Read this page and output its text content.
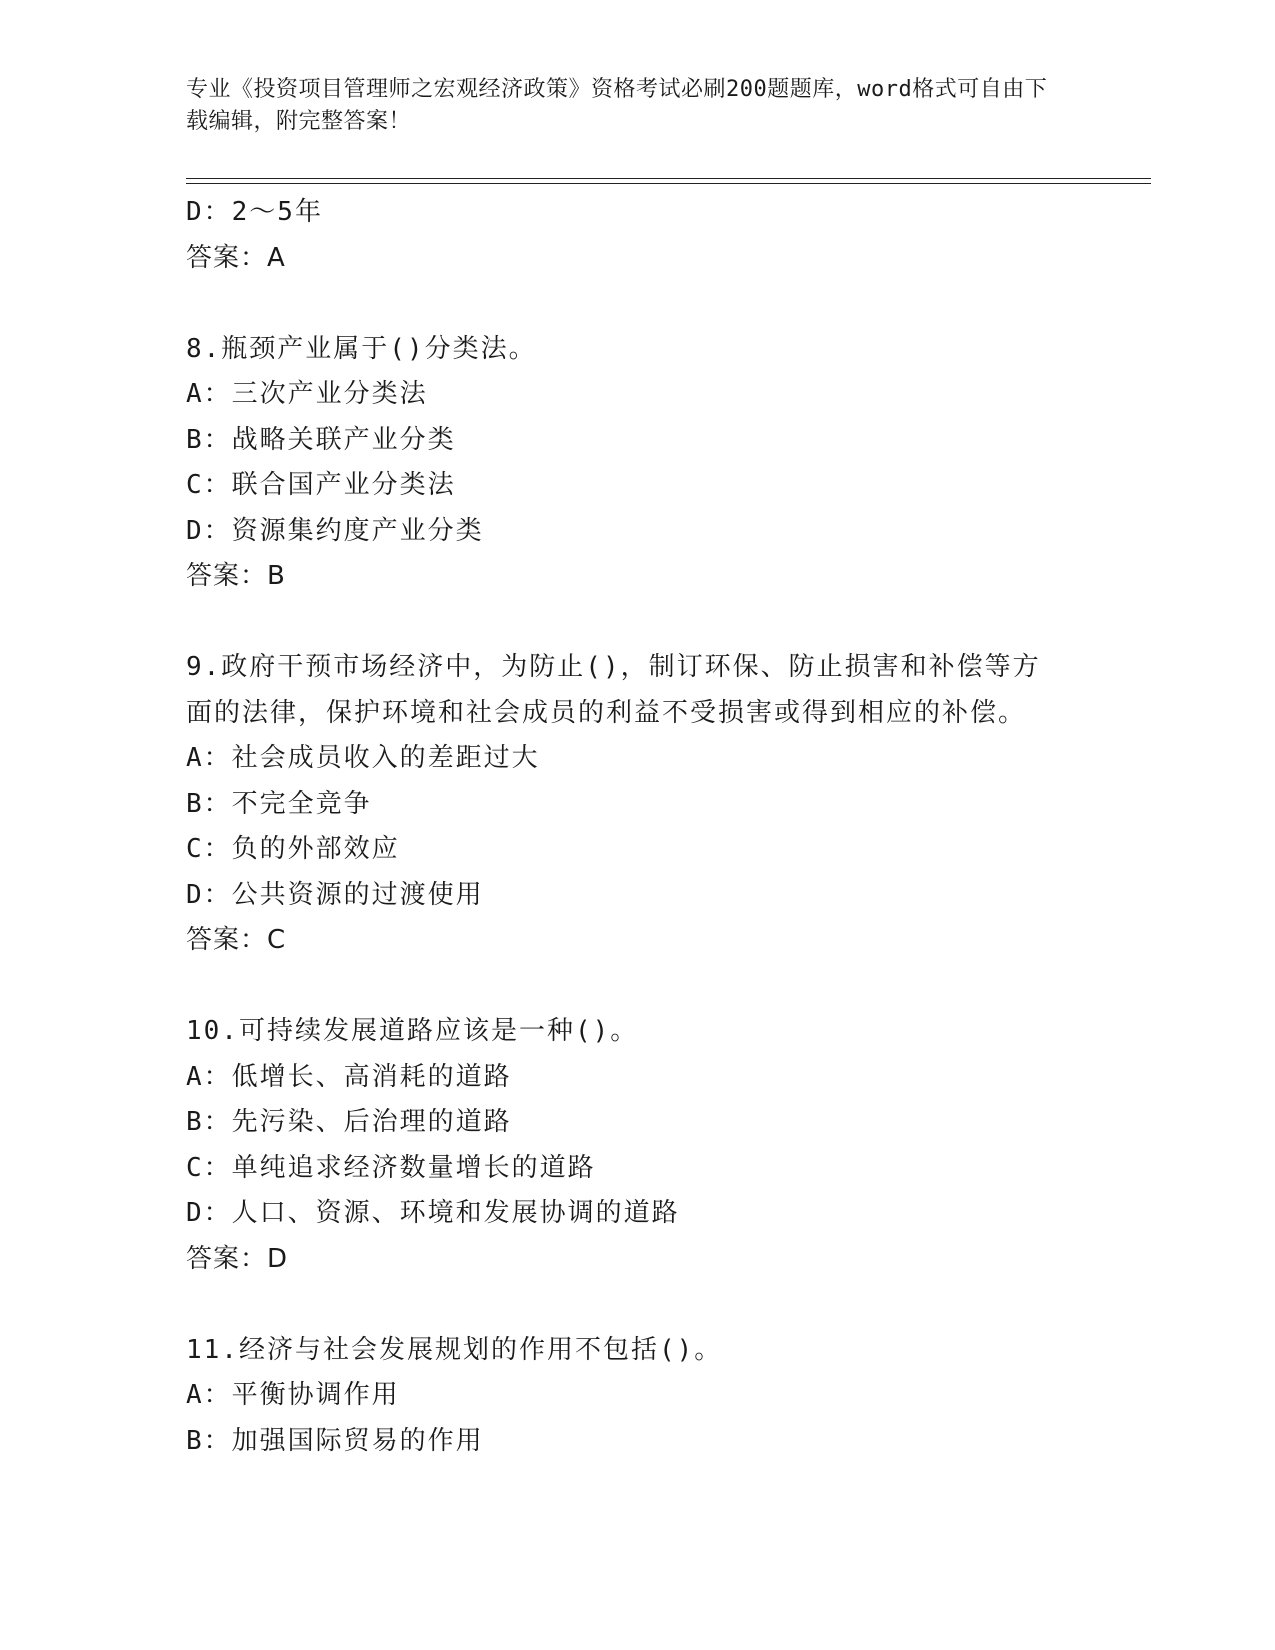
专业《投资项目管理师之宏观经济政策》资格考试必刷200题题库，word格式可自由下载编辑，附完整答案！
D：2～5年
答案：A
8.瓶颈产业属于()分类法。
A：三次产业分类法
B：战略关联产业分类
C：联合国产业分类法
D：资源集约度产业分类
答案：B
9.政府干预市场经济中，为防止()，制订环保、防止损害和补偿等方面的法律，保护环境和社会成员的利益不受损害或得到相应的补偿。
A：社会成员收入的差距过大
B：不完全竞争
C：负的外部效应
D：公共资源的过渡使用
答案：C
10.可持续发展道路应该是一种()。
A：低增长、高消耗的道路
B：先污染、后治理的道路
C：单纯追求经济数量增长的道路
D：人口、资源、环境和发展协调的道路
答案：D
11.经济与社会发展规划的作用不包括()。
A：平衡协调作用
B：加强国际贸易的作用
